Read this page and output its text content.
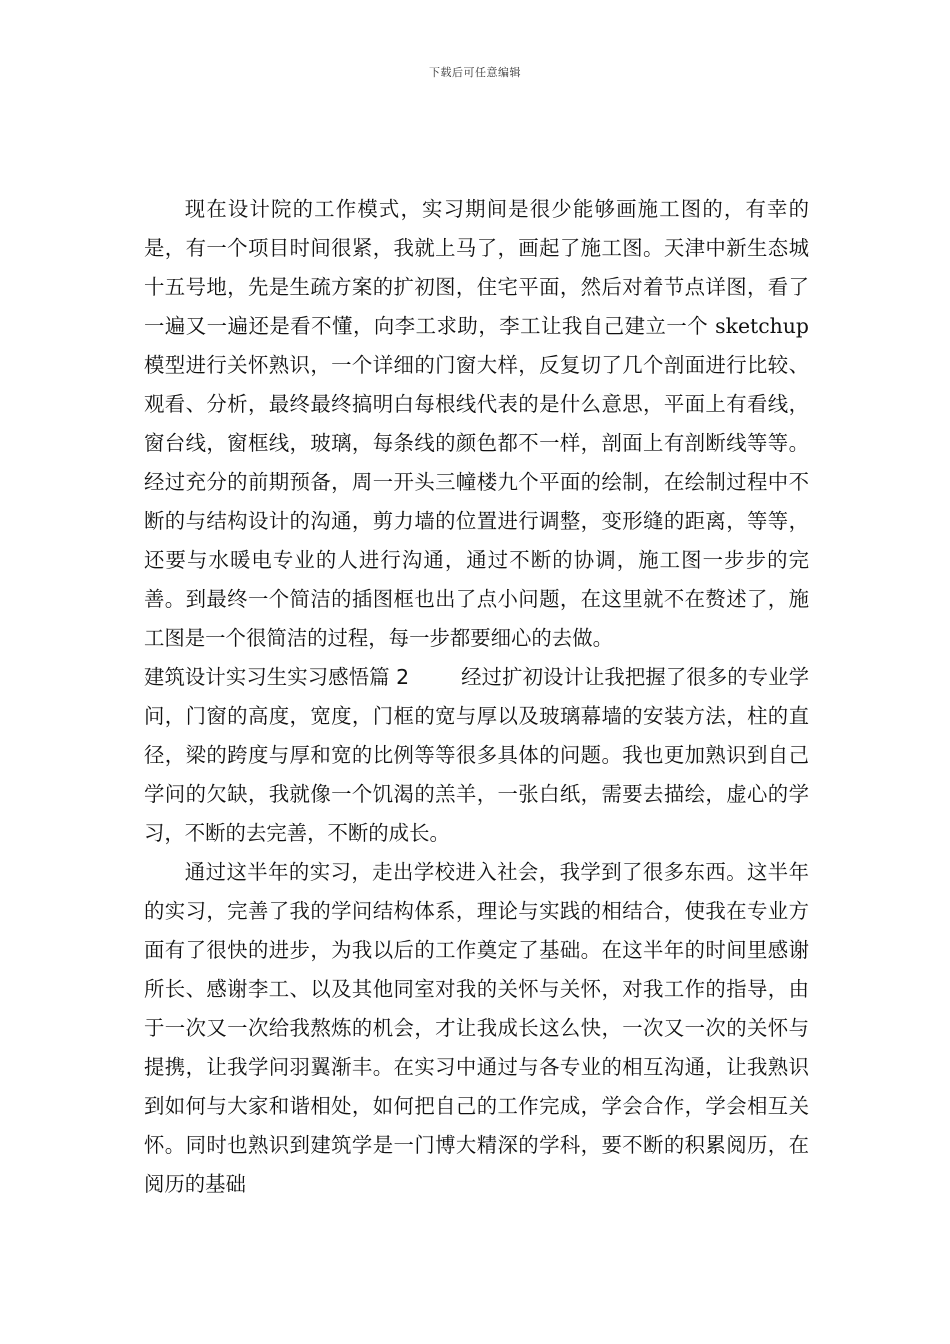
下载后可任意编辑

现在设计院的工作模式，实习期间是很少能够画施工图的，有幸的是，有一个项目时间很紧，我就上马了，画起了施工图。天津中新生态城十五号地，先是生疏方案的扩初图，住宅平面，然后对着节点详图，看了一遍又一遍还是看不懂，向李工求助，李工让我自己建立一个 sketchup 模型进行关怀熟识，一个详细的门窗大样，反复切了几个剖面进行比较、观看、分析，最终最终搞明白每根线代表的是什么意思，平面上有看线，窗台线，窗框线，玻璃，每条线的颜色都不一样，剖面上有剖断线等等。经过充分的前期预备，周一开头三幢楼九个平面的绘制，在绘制过程中不断的与结构设计的沟通，剪力墙的位置进行调整，变形缝的距离，等等，还要与水暖电专业的人进行沟通，通过不断的协调，施工图一步步的完善。到最终一个简洁的插图框也出了点小问题，在这里就不在赘述了，施工图是一个很简洁的过程，每一步都要细心的去做。

建筑设计实习生实习感悟篇 2	经过扩初设计让我把握了很多的专业学问，门窗的高度，宽度，门框的宽与厚以及玻璃幕墙的安装方法，柱的直径，梁的跨度与厚和宽的比例等等很多具体的问题。我也更加熟识到自己学问的欠缺，我就像一个饥渴的羔羊，一张白纸，需要去描绘，虚心的学习，不断的去完善，不断的成长。

通过这半年的实习，走出学校进入社会，我学到了很多东西。这半年的实习，完善了我的学问结构体系，理论与实践的相结合，使我在专业方面有了很快的进步，为我以后的工作奠定了基础。在这半年的时间里感谢所长、感谢李工、以及其他同室对我的关怀与关怀，对我工作的指导，由于一次又一次给我熬炼的机会，才让我成长这么快，一次又一次的关怀与提携，让我学问羽翼渐丰。在实习中通过与各专业的相互沟通，让我熟识到如何与大家和谐相处，如何把自己的工作完成，学会合作，学会相互关怀。同时也熟识到建筑学是一门博大精深的学科，要不断的积累阅历，在阅历的基础
